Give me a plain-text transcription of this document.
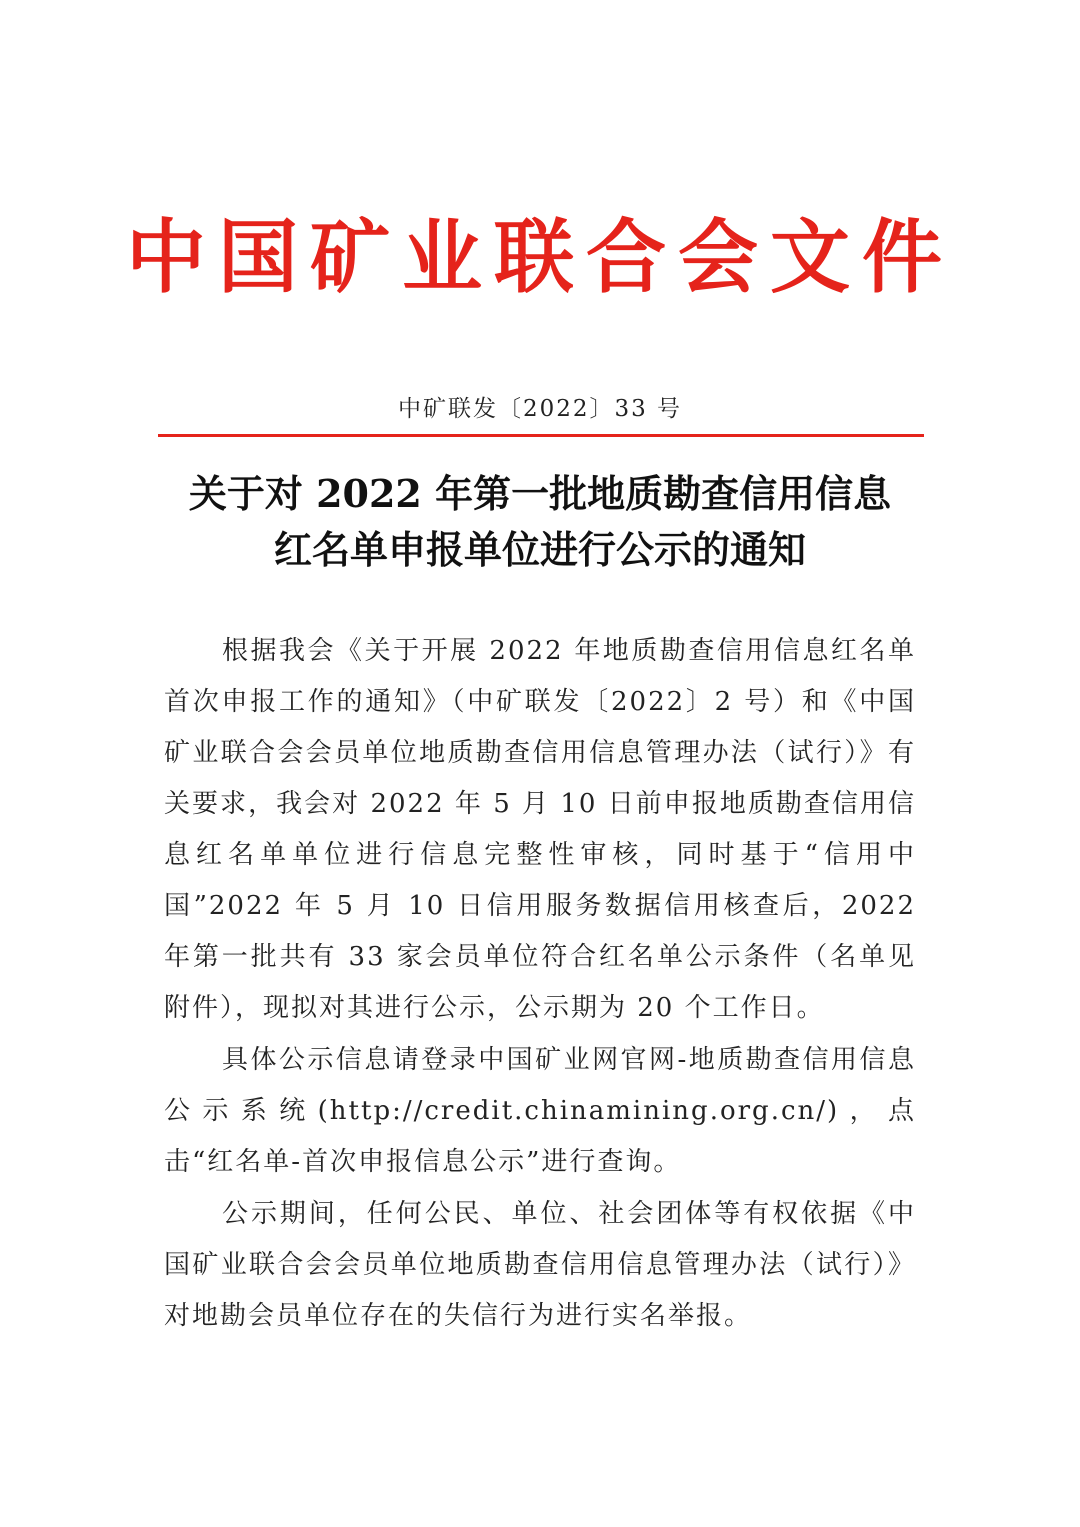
中国矿业联合会文件
中矿联发〔2022〕33 号
关于对 2022 年第一批地质勘查信用信息
红名单申报单位进行公示的通知

根据我会《关于开展 2022 年地质勘查信用信息红名单首次申报工作的通知》（中矿联发〔2022〕2 号）和《中国矿业联合会会员单位地质勘查信用信息管理办法（试行）》有关要求，我会对 2022 年 5 月 10 日前申报地质勘查信用信息红名单单位进行信息完整性审核，同时基于“信用中国”2022 年 5 月 10 日信用服务数据信用核查后，2022 年第一批共有 33 家会员单位符合红名单公示条件（名单见附件），现拟对其进行公示，公示期为 20 个工作日。

具体公示信息请登录中国矿业网官网-地质勘查信用信息公示系统(http://credit.chinamining.org.cn/)，点击“红名单-首次申报信息公示”进行查询。

公示期间，任何公民、单位、社会团体等有权依据《中国矿业联合会会员单位地质勘查信用信息管理办法（试行）》对地勘会员单位存在的失信行为进行实名举报。
